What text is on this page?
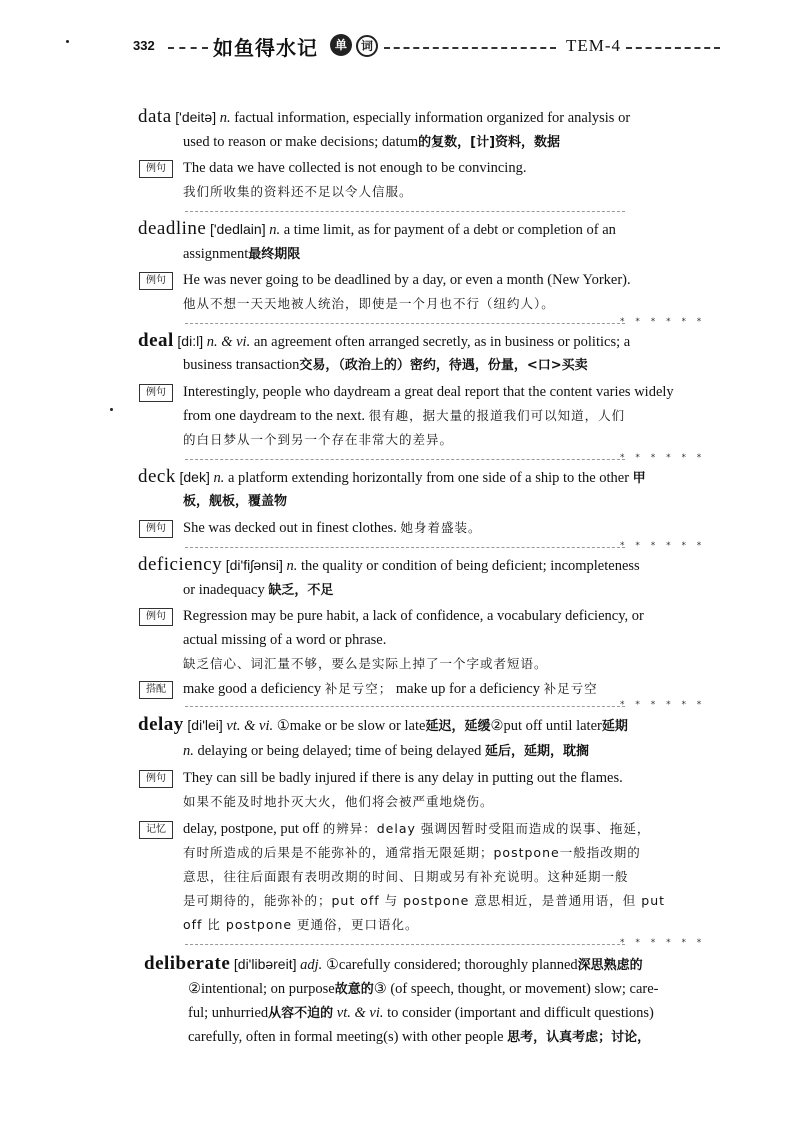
332	如鱼得水记	单	词	TEM-4
data ['deitə] n. factual information, especially information organized for analysis or
used to reason or make decisions; datum的复数，[计]资料，数据
例句	The data we have collected is not enough to be convincing.
我们所收集的资料还不足以令人信服。
deadline ['dedlain] n. a time limit, as for payment of a debt or completion of an
assignment最终期限
例句	He was never going to be deadlined by a day, or even a month (New Yorker).
他从不想一天天地被人统治，即使是一个月也不行（纽约人）。
* * * * * *
deal [di:l] n. & vi. an agreement often arranged secretly, as in business or politics; a
business transaction交易，（政治上的）密约，待遇，份量，<口>买卖
例句	Interestingly, people who daydream a great deal report that the content varies widely
from one daydream to the next. 很有趣，据大量的报道我们可以知道，人们
的白日梦从一个到另一个存在非常大的差异。
* * * * * *
deck [dek] n. a platform extending horizontally from one side of a ship to the other 甲
板，舰板，覆盖物
例句	She was decked out in finest clothes. 她身着盛装。
* * * * * *
deficiency [di'fiʃənsi] n. the quality or condition of being deficient; incompleteness
or inadequacy 缺乏，不足
例句	Regression may be pure habit, a lack of confidence, a vocabulary deficiency, or
actual missing of a word or phrase.
缺乏信心、词汇量不够，要么是实际上掉了一个字或者短语。
搭配	make good a deficiency 补足亏空； make up for a deficiency 补足亏空
* * * * * *
delay [di'lei] vt. & vi. ①make or be slow or late延迟，延缓②put off until later延期
n. delaying or being delayed; time of being delayed 延后，延期，耽搁
例句	They can sill be badly injured if there is any delay in putting out the flames.
如果不能及时地扑灭大火，他们将会被严重地烧伤。
记忆	delay, postpone, put off 的辨异：delay 强调因暂时受阻而造成的误事、拖延，
有时所造成的后果是不能弥补的，通常指无限延期；postpone一般指改期的
意思，往往后面跟有表明改期的时间、日期或另有补充说明。这种延期一般
是可期待的，能弥补的；put off 与 postpone 意思相近，是普通用语，但 put
off 比 postpone 更通俗，更口语化。
* * * * * *
deliberate [di'libəreit] adj. ①carefully considered; thoroughly planned深思熟虑的
②intentional; on purpose故意的③ (of speech, thought, or movement) slow; care-
ful; unhurried从容不迫的 vt. & vi. to consider (important and difficult questions)
carefully, often in formal meeting(s) with other people 思考，认真考虑；讨论，
